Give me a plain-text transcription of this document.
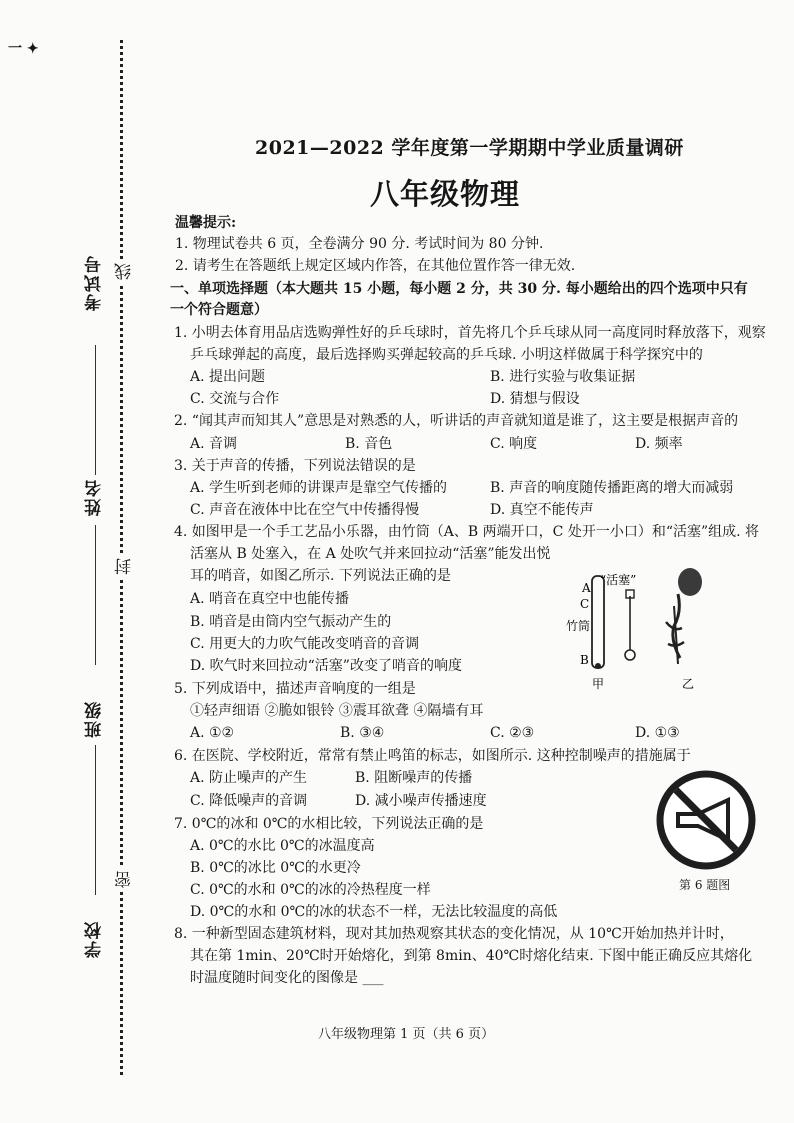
一 ✦
考试号
姓名
班级
学校
线
封
密
2021—2022 学年度第一学期期中学业质量调研
八年级物理
温馨提示:
1. 物理试卷共 6 页，全卷满分 90 分. 考试时间为 80 分钟.
2. 请考生在答题纸上规定区域内作答，在其他位置作答一律无效.
一、单项选择题（本大题共 15 小题，每小题 2 分，共 30 分. 每小题给出的四个选项中只有
一个符合题意）
1. 小明去体育用品店选购弹性好的乒乓球时，首先将几个乒乓球从同一高度同时释放落下，观察
乒乓球弹起的高度，最后选择购买弹起较高的乒乓球. 小明这样做属于科学探究中的
A. 提出问题	B. 进行实验与收集证据
C. 交流与合作	D. 猜想与假设
2. “闻其声而知其人”意思是对熟悉的人，听讲话的声音就知道是谁了，这主要是根据声音的
A. 音调	B. 音色	C. 响度	D. 频率
3. 关于声音的传播，下列说法错误的是
A. 学生听到老师的讲课声是靠空气传播的	B. 声音的响度随传播距离的增大而减弱
C. 声音在液体中比在空气中传播得慢	D. 真空不能传声
4. 如图甲是一个手工艺品小乐器，由竹筒（A、B 两端开口，C 处开一小口）和“活塞”组成. 将
活塞从 B 处塞入，在 A 处吹气并来回拉动“活塞”能发出悦
耳的哨音，如图乙所示. 下列说法正确的是
A. 哨音在真空中也能传播
B. 哨音是由筒内空气振动产生的
C. 用更大的力吹气能改变哨音的音调
D. 吹气时来回拉动“活塞”改变了哨音的响度
A
C
竹筒
B
“活塞”
甲	乙
5. 下列成语中，描述声音响度的一组是
①轻声细语 ②脆如银铃 ③震耳欲聋 ④隔墙有耳
A. ①②	B. ③④	C. ②③	D. ①③
6. 在医院、学校附近，常常有禁止鸣笛的标志，如图所示. 这种控制噪声的措施属于
A. 防止噪声的产生	B. 阻断噪声的传播
C. 降低噪声的音调	D. 减小噪声传播速度
第 6 题图
7. 0℃的冰和 0℃的水相比较，下列说法正确的是
A. 0℃的水比 0℃的冰温度高
B. 0℃的冰比 0℃的水更冷
C. 0℃的水和 0℃的冰的冷热程度一样
D. 0℃的水和 0℃的冰的状态不一样，无法比较温度的高低
8. 一种新型固态建筑材料，现对其加热观察其状态的变化情况，从 10℃开始加热并计时，
其在第 1min、20℃时开始熔化，到第 8min、40℃时熔化结束. 下图中能正确反应其熔化
时温度随时间变化的图像是 ___
八年级物理第 1 页（共 6 页）
